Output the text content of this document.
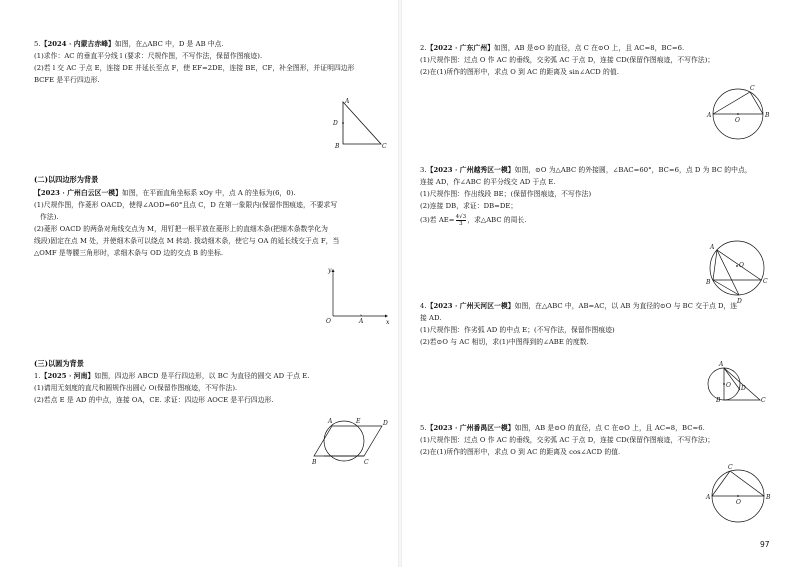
5.【2024 · 内蒙古赤峰】如图，在△ABC 中，D 是 AB 中点.
(1)求作：AC 的垂直平分线 l (要求：尺规作图，不写作法，保留作图痕迹).
(2)若 l 交 AC 于点 E，连接 DE 并延长至点 F，使 EF=2DE，连接 BE，CF，补全图形，并证明四边形
BCFE 是平行四边形.
A
D
B	C
(二)以四边形为背景
【2023 · 广州白云区一模】如图，在平面直角坐标系 xOy 中，点 A 的坐标为(6，0).
(1)尺规作图，作菱形 OACD，使得∠AOD=60°且点 C，D 在第一象限内(保留作图痕迹，不要求写
作法).
(2)菱形 OACD 的两条对角线交点为 M，用钉把一根平放在菱形上的直细木条(把细木条数学化为
线段)固定在点 M 处，并使细木条可以绕点 M 转动. 拨动细木条，使它与 OA 的延长线交于点 F，当
△OMF 是等腰三角形时，求细木条与 OD 边的交点 B 的坐标.
y
x
O	A
(三)以圆为背景
1.【2025 · 河南】如图，四边形 ABCD 是平行四边形，以 BC 为直径的圆交 AD 于点 E.
(1)请用无刻度的直尺和圆规作出圆心 O(保留作图痕迹，不写作法).
(2)若点 E 是 AD 的中点，连接 OA，CE. 求证：四边形 AOCE 是平行四边形.
A	E	D
B	C
2.【2022 · 广东广州】如图，AB 是⊙O 的直径，点 C 在⊙O 上，且 AC=8，BC=6.
(1)尺规作图：过点 O 作 AC 的垂线，交劣弧 AC 于点 D，连接 CD(保留作图痕迹，不写作法)；
(2)在(1)所作的图形中，求点 O 到 AC 的距离及 sin∠ACD 的值.
A	B
C
O
3.【2023 · 广州越秀区一模】如图，⊙O 为△ABC 的外接圆，∠BAC=60°，BC=6，点 D 为 BC 的中点，
连接 AD，作∠ABC 的平分线交 AD 于点 E.
(1)尺规作图：作出线段 BE；(保留作图痕迹，不写作法)
(2)连接 DB，求证：DB=DE；
(3)若 $AE= \frac{4√3}{3}$ ，求△ABC 的周长.
A
B	C
D
O
4.【2023 · 广州天河区一模】如图，在△ABC 中，AB=AC，以 AB 为直径的⊙O 与 BC 交于点 D，连
接 AD.
(1)尺规作图：作劣弧 AD 的中点 E；(不写作法，保留作图痕迹)
(2)若⊙O 与 AC 相切，求(1)中图得到的∠ABE 的度数.
A
B	C
D
O
5.【2023 · 广州番禺区一模】如图，AB 是⊙O 的直径，点 C 在⊙O 上，且 AC=8，BC=6.
(1)尺规作图：过点 O 作 AC 的垂线，交劣弧 AC 于点 D，连接 CD(保留作图痕迹，不写作法)；
(2)在(1)所作的图形中，求点 O 到 AC 的距离及 cos∠ACD 的值.
A	B
C
O
97
